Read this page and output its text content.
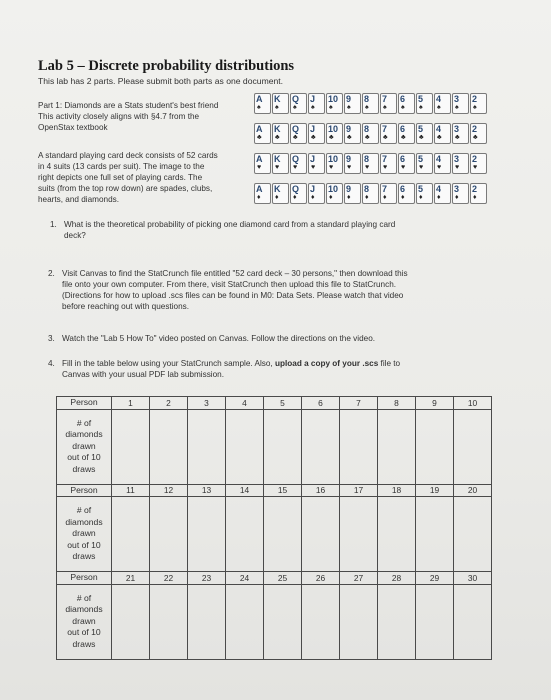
Lab 5 – Discrete probability distributions
This lab has 2 parts. Please submit both parts as one document.
Part 1: Diamonds are a Stats student's best friend
This activity closely aligns with §4.7 from the
OpenStax textbook
A standard playing card deck consists of 52 cards
in 4 suits (13 cards per suit). The image to the
right depicts one full set of playing cards. The
suits (from the top row down) are spades, clubs,
hearts, and diamonds.
A
♠
K
♠
Q
♠
J
♠
10
♠
9
♠
8
♠
7
♠
6
♠
5
♠
4
♠
3
♠
2
♠
A
♣
K
♣
Q
♣
J
♣
10
♣
9
♣
8
♣
7
♣
6
♣
5
♣
4
♣
3
♣
2
♣
A
♥
K
♥
Q
♥
J
♥
10
♥
9
♥
8
♥
7
♥
6
♥
5
♥
4
♥
3
♥
2
♥
A
♦
K
♦
Q
♦
J
♦
10
♦
9
♦
8
♦
7
♦
6
♦
5
♦
4
♦
3
♦
2
♦
1. What is the theoretical probability of picking one diamond card from a standard playing card
deck?
2. Visit Canvas to find the StatCrunch file entitled "52 card deck – 30 persons," then download this
file onto your own computer. From there, visit StatCrunch then upload this file to StatCrunch.
(Directions for how to upload .scs files can be found in M0: Data Sets. Please watch that video
before reaching out with questions.
3. Watch the "Lab 5 How To" video posted on Canvas. Follow the directions on the video.
4. Fill in the table below using your StatCrunch sample. Also, upload a copy of your .scs file to
Canvas with your usual PDF lab submission.
Person	1	2	3	4	5	6	7	8	9	10

# of
diamonds
drawn
out of 10
draws										

Person	11	12	13	14	15	16	17	18	19	20

# of
diamonds
drawn
out of 10
draws										

Person	21	22	23	24	25	26	27	28	29	30

# of
diamonds
drawn
out of 10
draws										
